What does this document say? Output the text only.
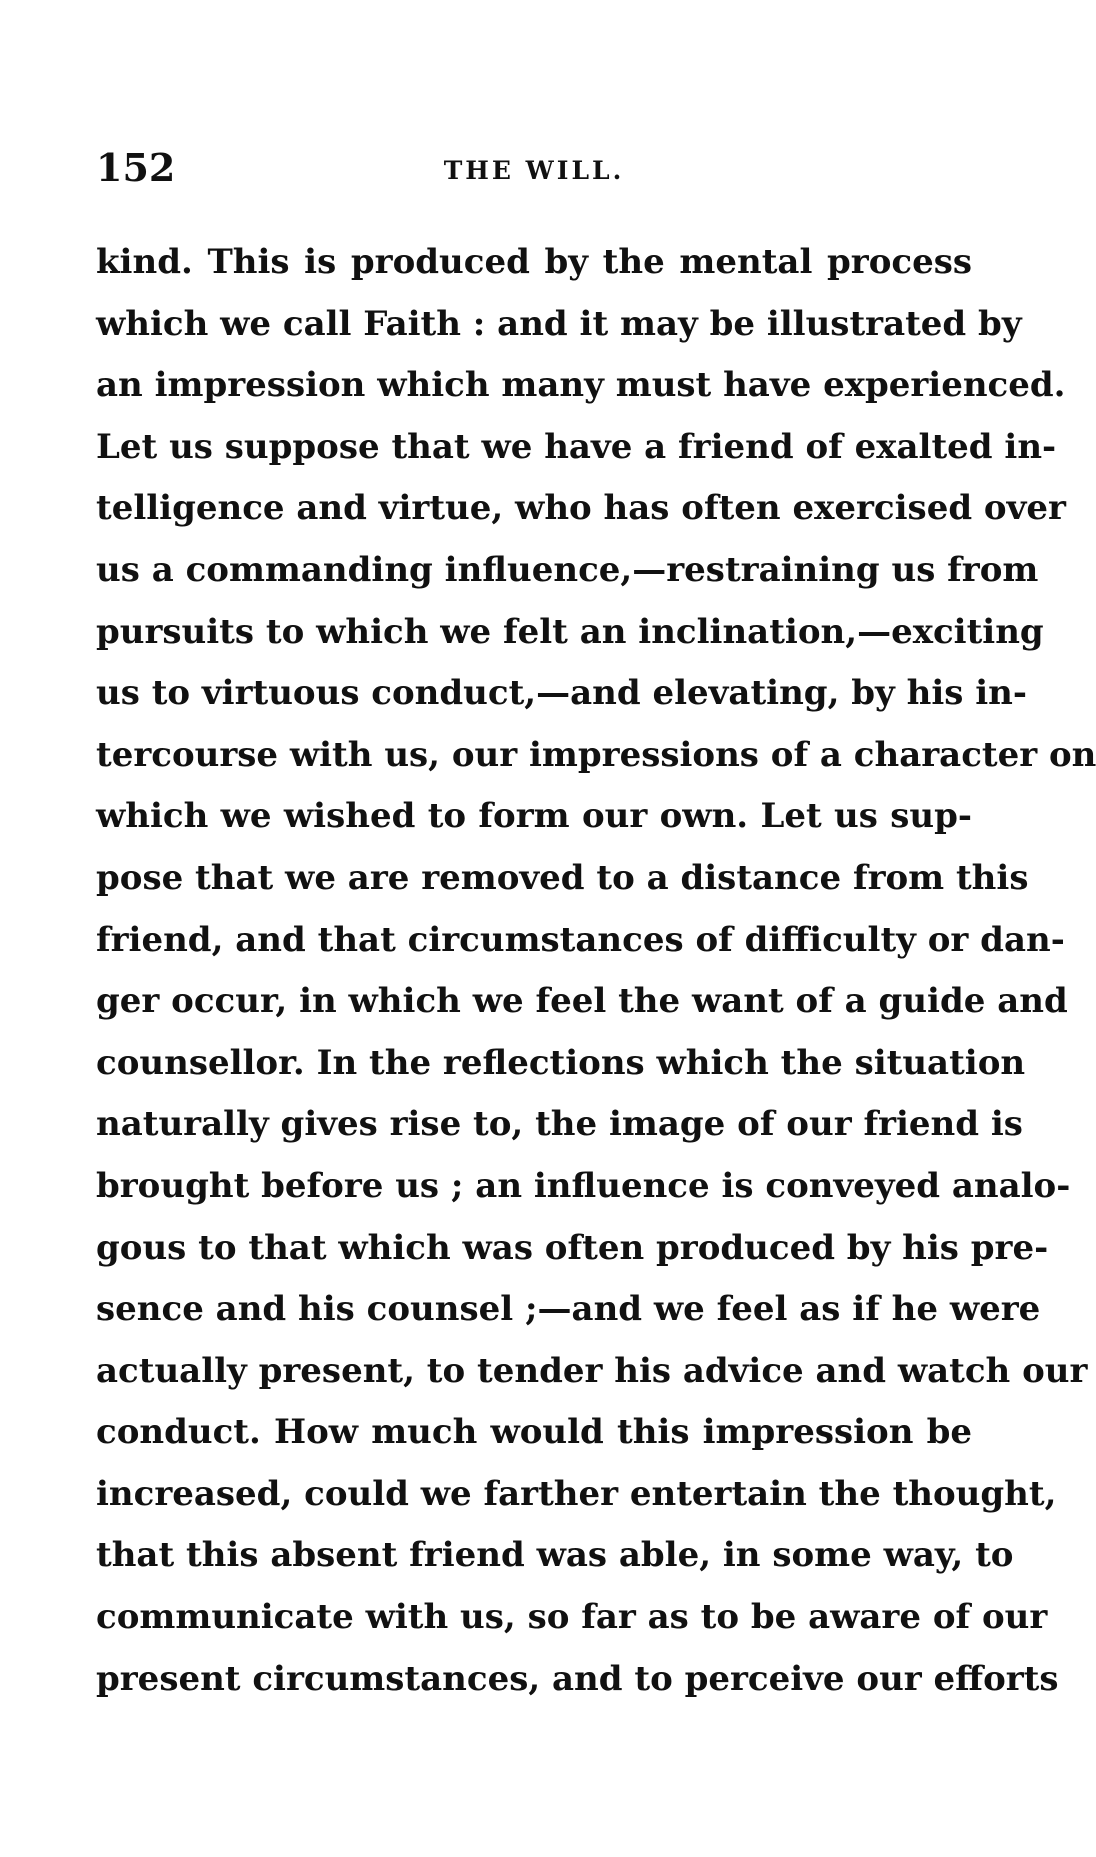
152	THE WILL.
kind. This is produced by the mental process
which we call Faith : and it may be illustrated by
an impression which many must have experienced.
Let us suppose that we have a friend of exalted in-
telligence and virtue, who has often exercised over
us a commanding influence,—restraining us from
pursuits to which we felt an inclination,—exciting
us to virtuous conduct,—and elevating, by his in-
tercourse with us, our impressions of a character on
which we wished to form our own. Let us sup-
pose that we are removed to a distance from this
friend, and that circumstances of difficulty or dan-
ger occur, in which we feel the want of a guide and
counsellor. In the reflections which the situation
naturally gives rise to, the image of our friend is
brought before us ; an influence is conveyed analo-
gous to that which was often produced by his pre-
sence and his counsel ;—and we feel as if he were
actually present, to tender his advice and watch our
conduct. How much would this impression be
increased, could we farther entertain the thought,
that this absent friend was able, in some way, to
communicate with us, so far as to be aware of our
present circumstances, and to perceive our efforts
